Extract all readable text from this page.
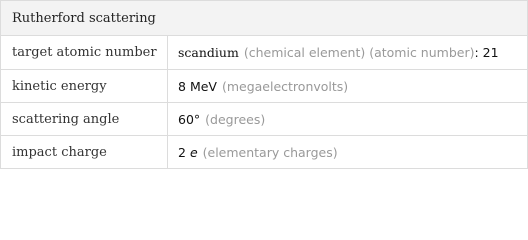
Rutherford scattering
target atomic number	scandium (chemical element) (atomic number): 21
kinetic energy	8 MeV (megaelectronvolts)
scattering angle	60° (degrees)
impact charge	2 e (elementary charges)
